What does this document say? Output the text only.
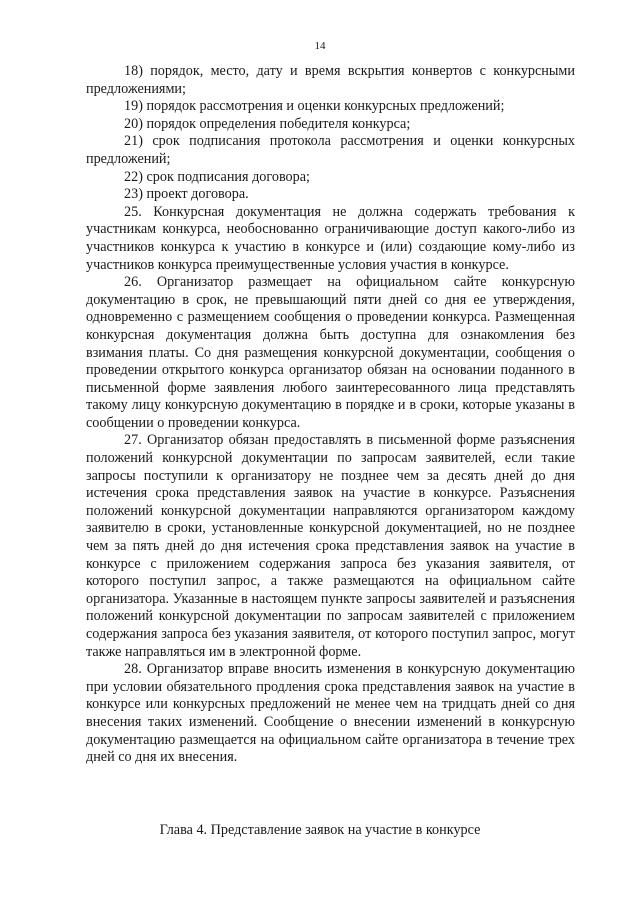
14

18) порядок, место, дату и время вскрытия конвертов с конкурсными предложениями;

19) порядок рассмотрения и оценки конкурсных предложений;

20) порядок определения победителя конкурса;

21) срок подписания протокола рассмотрения и оценки конкурсных предложений;

22) срок подписания договора;

23) проект договора.

25. Конкурсная документация не должна содержать требования к участникам конкурса, необоснованно ограничивающие доступ какого-либо из участников конкурса к участию в конкурсе и (или) создающие кому-либо из участников конкурса преимущественные условия участия в конкурсе.

26. Организатор размещает на официальном сайте конкурсную документацию в срок, не превышающий пяти дней со дня ее утверждения, одновременно с размещением сообщения о проведении конкурса. Размещенная конкурсная документация должна быть доступна для ознакомления без взимания платы. Со дня размещения конкурсной документации, сообщения о проведении открытого конкурса организатор обязан на основании поданного в письменной форме заявления любого заинтересованного лица представлять такому лицу конкурсную документацию в порядке и в сроки, которые указаны в сообщении о проведении конкурса.

27. Организатор обязан предоставлять в письменной форме разъяснения положений конкурсной документации по запросам заявителей, если такие запросы поступили к организатору не позднее чем за десять дней до дня истечения срока представления заявок на участие в конкурсе. Разъяснения положений конкурсной документации направляются организатором каждому заявителю в сроки, установленные конкурсной документацией, но не позднее чем за пять дней до дня истечения срока представления заявок на участие в конкурсе с приложением содержания запроса без указания заявителя, от которого поступил запрос, а также размещаются на официальном сайте организатора. Указанные в настоящем пункте запросы заявителей и разъяснения положений конкурсной документации по запросам заявителей с приложением содержания запроса без указания заявителя, от которого поступил запрос, могут также направляться им в электронной форме.

28. Организатор вправе вносить изменения в конкурсную документацию при условии обязательного продления срока представления заявок на участие в конкурсе или конкурсных предложений не менее чем на тридцать дней со дня внесения таких изменений. Сообщение о внесении изменений в конкурсную документацию размещается на официальном сайте организатора в течение трех дней со дня их внесения.

Глава 4. Представление заявок на участие в конкурсе
